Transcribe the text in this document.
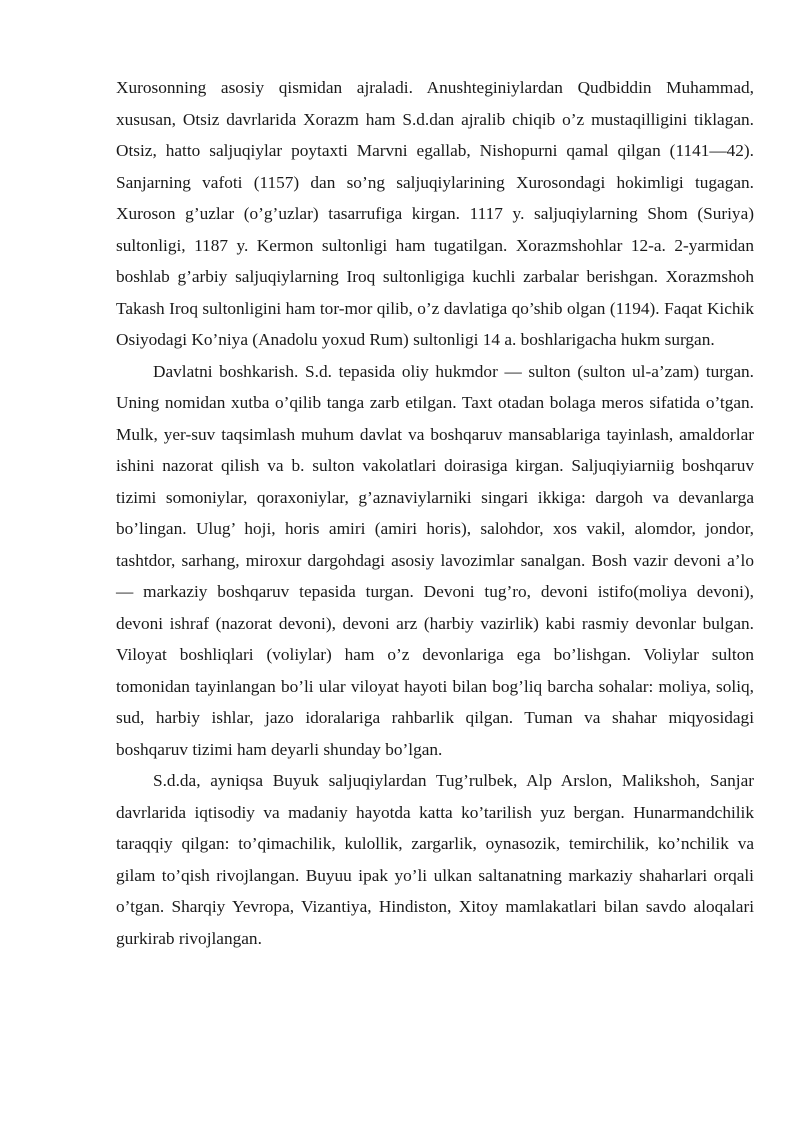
Xurosonning asosiy qismidan ajraladi. Anushteginiylardan Qudbiddin Muhammad, xususan, Otsiz davrlarida Xorazm ham S.d.dan ajralib chiqib o’z mustaqilligini tiklagan. Otsiz, hatto saljuqiylar poytaxti Marvni egallab, Nishopurni qamal qilgan (1141—42). Sanjarning vafoti (1157) dan so’ng saljuqiylarining Xurosondagi hokimligi tugagan. Xuroson g’uzlar (o’g’uzlar) tasarrufiga kirgan. 1117 y. saljuqiylarning Shom (Suriya) sultonligi, 1187 y. Kermon sultonligi ham tugatilgan. Xorazmshohlar 12-a. 2-yarmidan boshlab g’arbiy saljuqiylarning Iroq sultonligiga kuchli zarbalar berishgan. Xorazmshoh Takash Iroq sultonligini ham tor-mor qilib, o’z davlatiga qo’shib olgan (1194). Faqat Kichik Osiyodagi Ko’niya (Anadolu yoxud Rum) sultonligi 14 a. boshlarigacha hukm surgan.

Davlatni boshkarish. S.d. tepasida oliy hukmdor — sulton (sulton ul-a’zam) turgan. Uning nomidan xutba o’qilib tanga zarb etilgan. Taxt otadan bolaga meros sifatida o’tgan. Mulk, yer-suv taqsimlash muhum davlat va boshqaruv mansablariga tayinlash, amaldorlar ishini nazorat qilish va b. sulton vakolatlari doirasiga kirgan. Saljuqiyiarniig boshqaruv tizimi somoniylar, qoraxoniylar, g’aznaviylarniki singari ikkiga: dargoh va devanlarga bo’lingan. Ulug’ hoji, horis amiri (amiri horis), salohdor, xos vakil, alomdor, jondor, tashtdor, sarhang, miroxur dargohdagi asosiy lavozimlar sanalgan. Bosh vazir devoni a’lo — markaziy boshqaruv tepasida turgan. Devoni tug’ro, devoni istifo(moliya devoni), devoni ishraf (nazorat devoni), devoni arz (harbiy vazirlik) kabi rasmiy devonlar bulgan. Viloyat boshliqlari (voliylar) ham o’z devonlariga ega bo’lishgan. Voliylar sulton tomonidan tayinlangan bo’li ular viloyat hayoti bilan bog’liq barcha sohalar: moliya, soliq, sud, harbiy ishlar, jazo idoralariga rahbarlik qilgan. Tuman va shahar miqyosidagi boshqaruv tizimi ham deyarli shunday bo’lgan.

S.d.da, ayniqsa Buyuk saljuqiylardan Tug’rulbek, Alp Arslon, Malikshoh, Sanjar davrlarida iqtisodiy va madaniy hayotda katta ko’tarilish yuz bergan. Hunarmandchilik taraqqiy qilgan: to’qimachilik, kulollik, zargarlik, oynasozik, temirchilik, ko’nchilik va gilam to’qish rivojlangan. Buyuu ipak yo’li ulkan saltanatning markaziy shaharlari orqali o’tgan. Sharqiy Yevropa, Vizantiya, Hindiston, Xitoy mamlakatlari bilan savdo aloqalari gurkirab rivojlangan.
